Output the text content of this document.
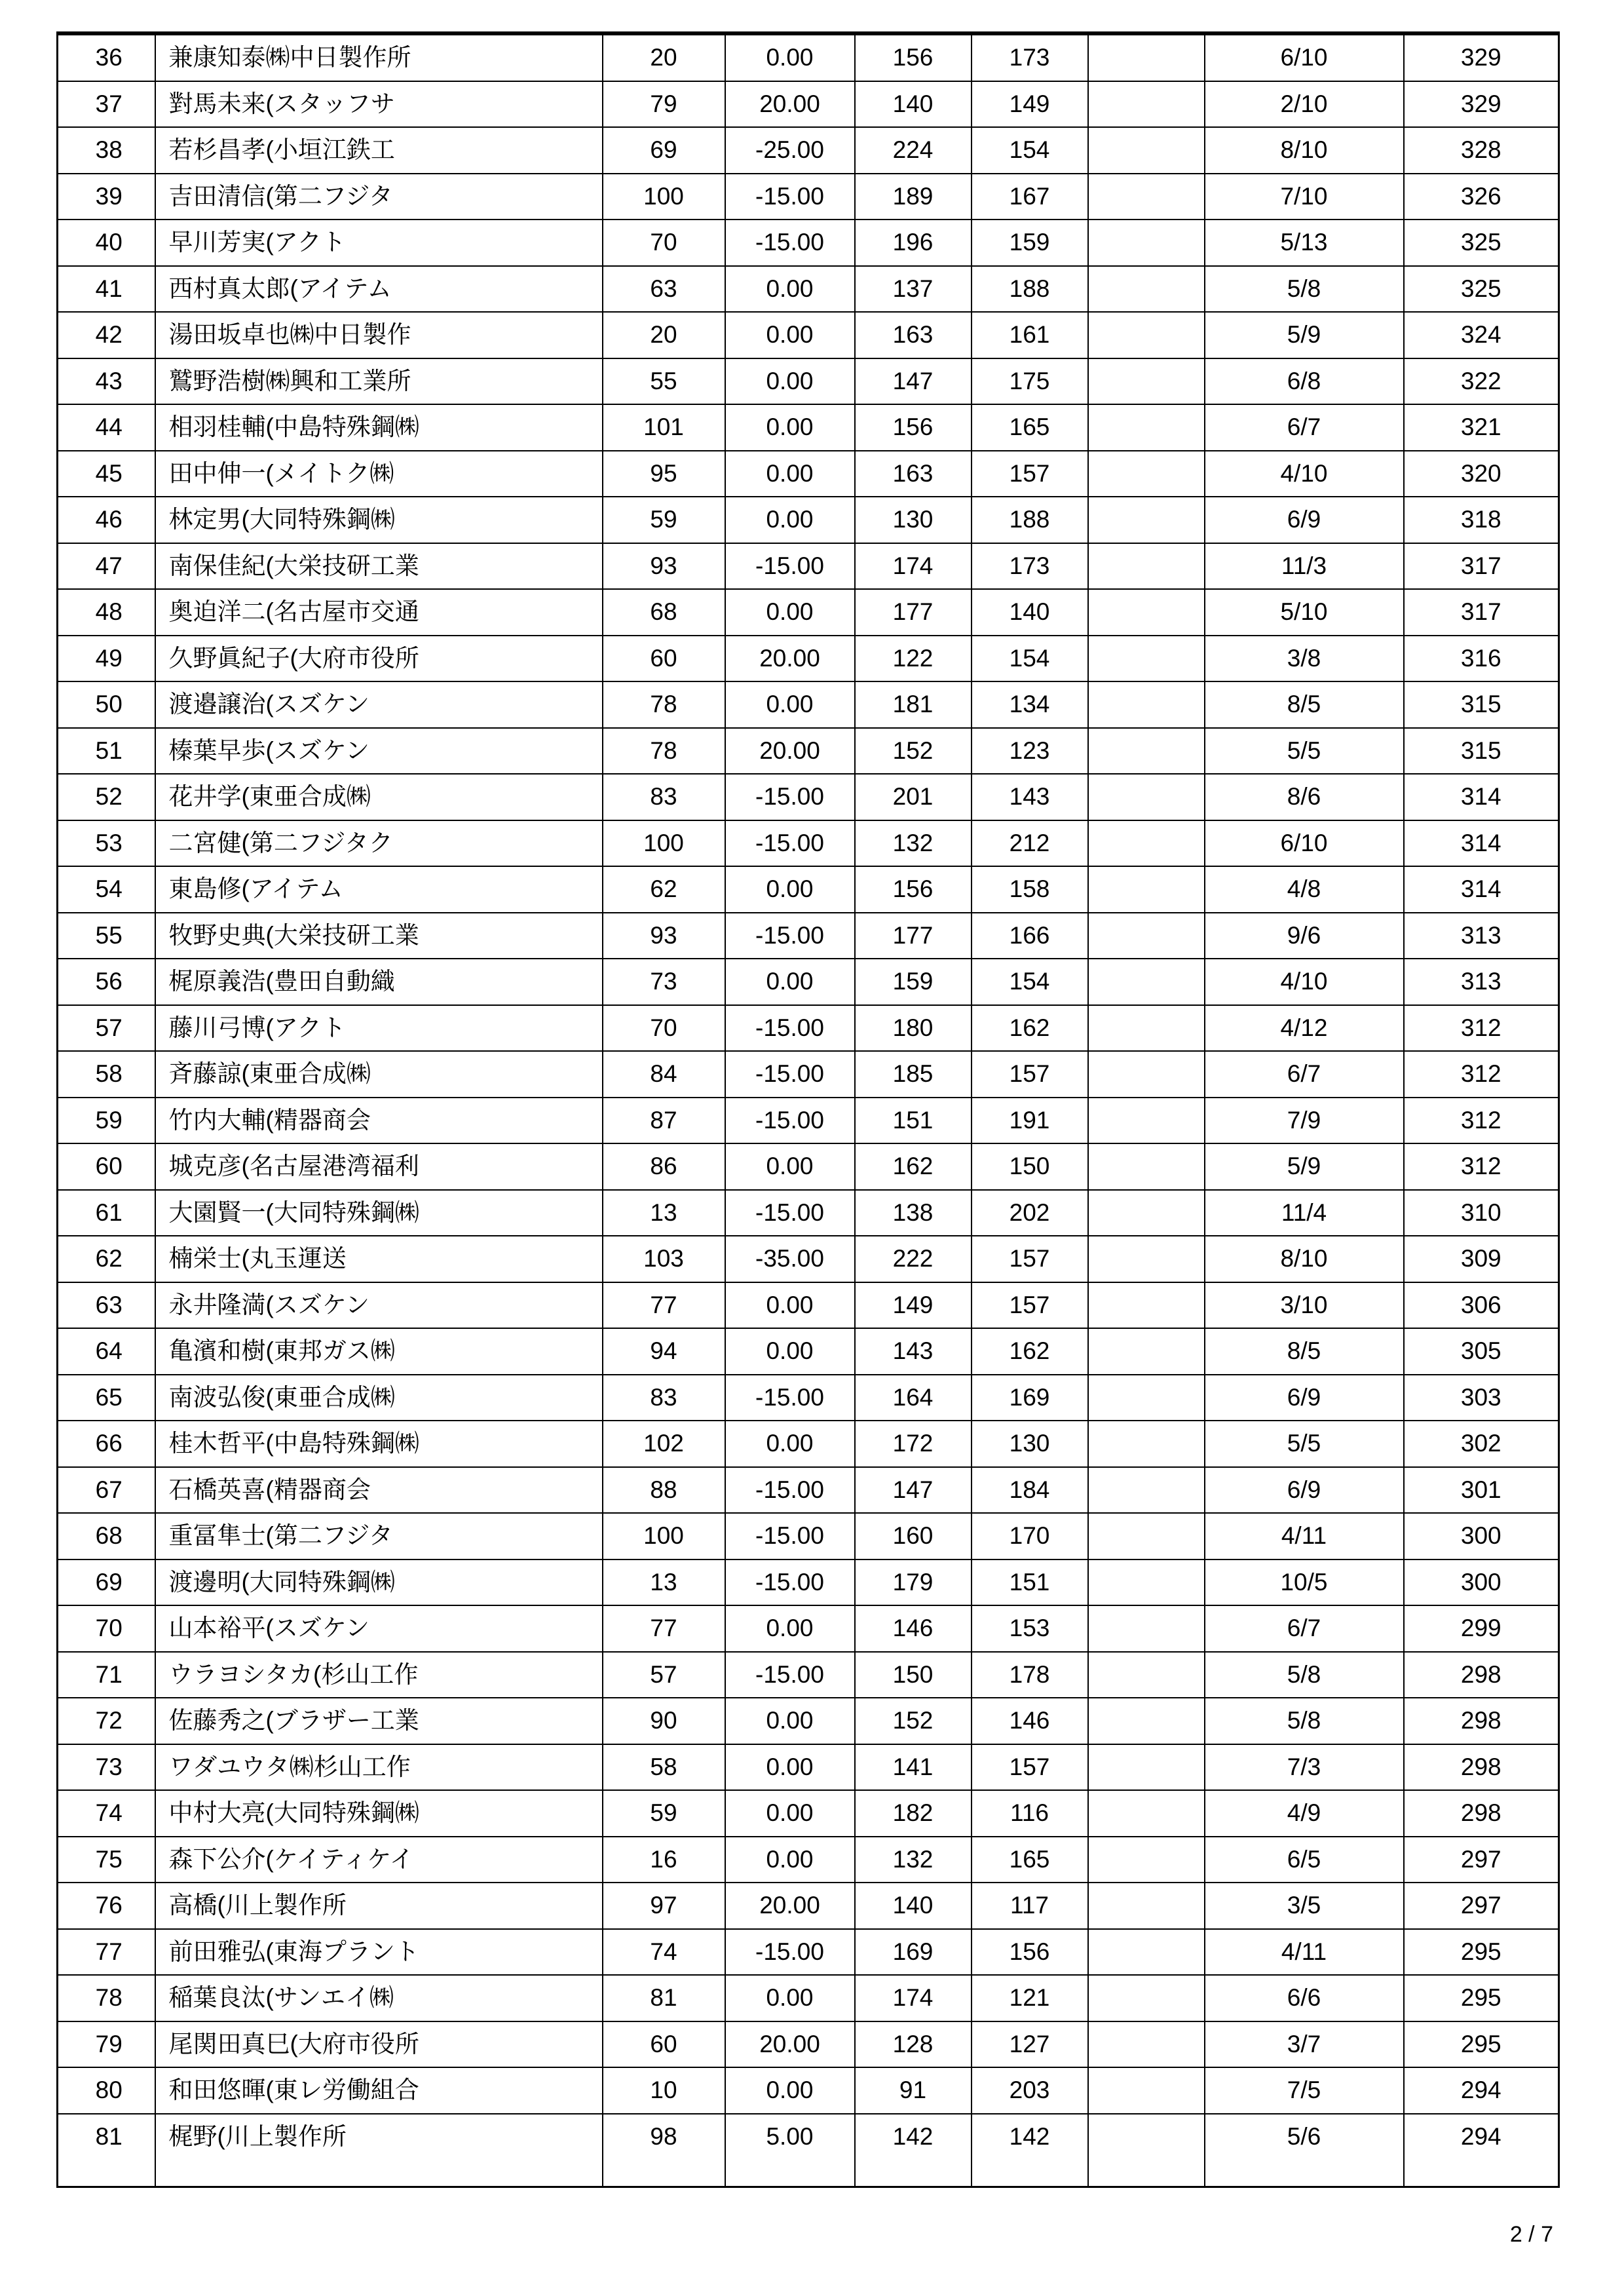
36	兼康知泰㈱中日製作所	20	0.00	156	173		6/10	329
37	對馬未来(スタッフサ	79	20.00	140	149		2/10	329
38	若杉昌孝(小垣江鉄工	69	-25.00	224	154		8/10	328
39	吉田清信(第二フジタ	100	-15.00	189	167		7/10	326
40	早川芳実(アクト	70	-15.00	196	159		5/13	325
41	西村真太郎(アイテム	63	0.00	137	188		5/8	325
42	湯田坂卓也㈱中日製作	20	0.00	163	161		5/9	324
43	鷲野浩樹㈱興和工業所	55	0.00	147	175		6/8	322
44	相羽桂輔(中島特殊鋼㈱	101	0.00	156	165		6/7	321
45	田中伸一(メイトク㈱	95	0.00	163	157		4/10	320
46	林定男(大同特殊鋼㈱	59	0.00	130	188		6/9	318
47	南保佳紀(大栄技研工業	93	-15.00	174	173		11/3	317
48	奥迫洋二(名古屋市交通	68	0.00	177	140		5/10	317
49	久野眞紀子(大府市役所	60	20.00	122	154		3/8	316
50	渡邉譲治(スズケン	78	0.00	181	134		8/5	315
51	榛葉早歩(スズケン	78	20.00	152	123		5/5	315
52	花井学(東亜合成㈱	83	-15.00	201	143		8/6	314
53	二宮健(第二フジタク	100	-15.00	132	212		6/10	314
54	東島修(アイテム	62	0.00	156	158		4/8	314
55	牧野史典(大栄技研工業	93	-15.00	177	166		9/6	313
56	梶原義浩(豊田自動織	73	0.00	159	154		4/10	313
57	藤川弓博(アクト	70	-15.00	180	162		4/12	312
58	斉藤諒(東亜合成㈱	84	-15.00	185	157		6/7	312
59	竹内大輔(精器商会	87	-15.00	151	191		7/9	312
60	城克彦(名古屋港湾福利	86	0.00	162	150		5/9	312
61	大園賢一(大同特殊鋼㈱	13	-15.00	138	202		11/4	310
62	楠栄士(丸玉運送	103	-35.00	222	157		8/10	309
63	永井隆満(スズケン	77	0.00	149	157		3/10	306
64	亀濱和樹(東邦ガス㈱	94	0.00	143	162		8/5	305
65	南波弘俊(東亜合成㈱	83	-15.00	164	169		6/9	303
66	桂木哲平(中島特殊鋼㈱	102	0.00	172	130		5/5	302
67	石橋英喜(精器商会	88	-15.00	147	184		6/9	301
68	重冨隼士(第二フジタ	100	-15.00	160	170		4/11	300
69	渡邊明(大同特殊鋼㈱	13	-15.00	179	151		10/5	300
70	山本裕平(スズケン	77	0.00	146	153		6/7	299
71	ウラヨシタカ(杉山工作	57	-15.00	150	178		5/8	298
72	佐藤秀之(ブラザー工業	90	0.00	152	146		5/8	298
73	ワダユウタ㈱杉山工作	58	0.00	141	157		7/3	298
74	中村大亮(大同特殊鋼㈱	59	0.00	182	116		4/9	298
75	森下公介(ケイティケイ	16	0.00	132	165		6/5	297
76	高橋(川上製作所	97	20.00	140	117		3/5	297
77	前田雅弘(東海プラント	74	-15.00	169	156		4/11	295
78	稲葉良汰(サンエイ㈱	81	0.00	174	121		6/6	295
79	尾関田真巳(大府市役所	60	20.00	128	127		3/7	295
80	和田悠暉(東レ労働組合	10	0.00	91	203		7/5	294
81	梶野(川上製作所	98	5.00	142	142		5/6	294
2 / 7
